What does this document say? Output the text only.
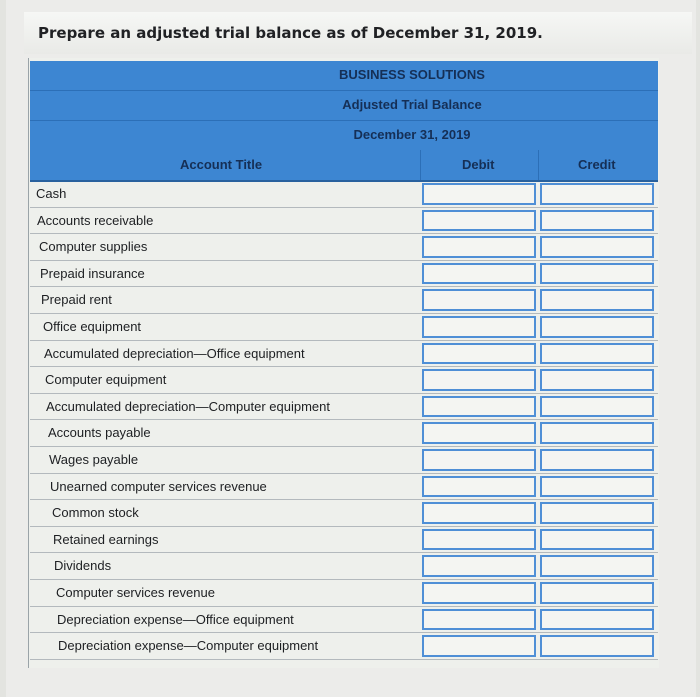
Prepare an adjusted trial balance as of December 31, 2019.
BUSINESS SOLUTIONS
Adjusted Trial Balance
December 31, 2019
Account Title	Debit	Credit
Cash
Accounts receivable
Computer supplies
Prepaid insurance
Prepaid rent
Office equipment
Accumulated depreciation—Office equipment
Computer equipment
Accumulated depreciation—Computer equipment
Accounts payable
Wages payable
Unearned computer services revenue
Common stock
Retained earnings
Dividends
Computer services revenue
Depreciation expense—Office equipment
Depreciation expense—Computer equipment
